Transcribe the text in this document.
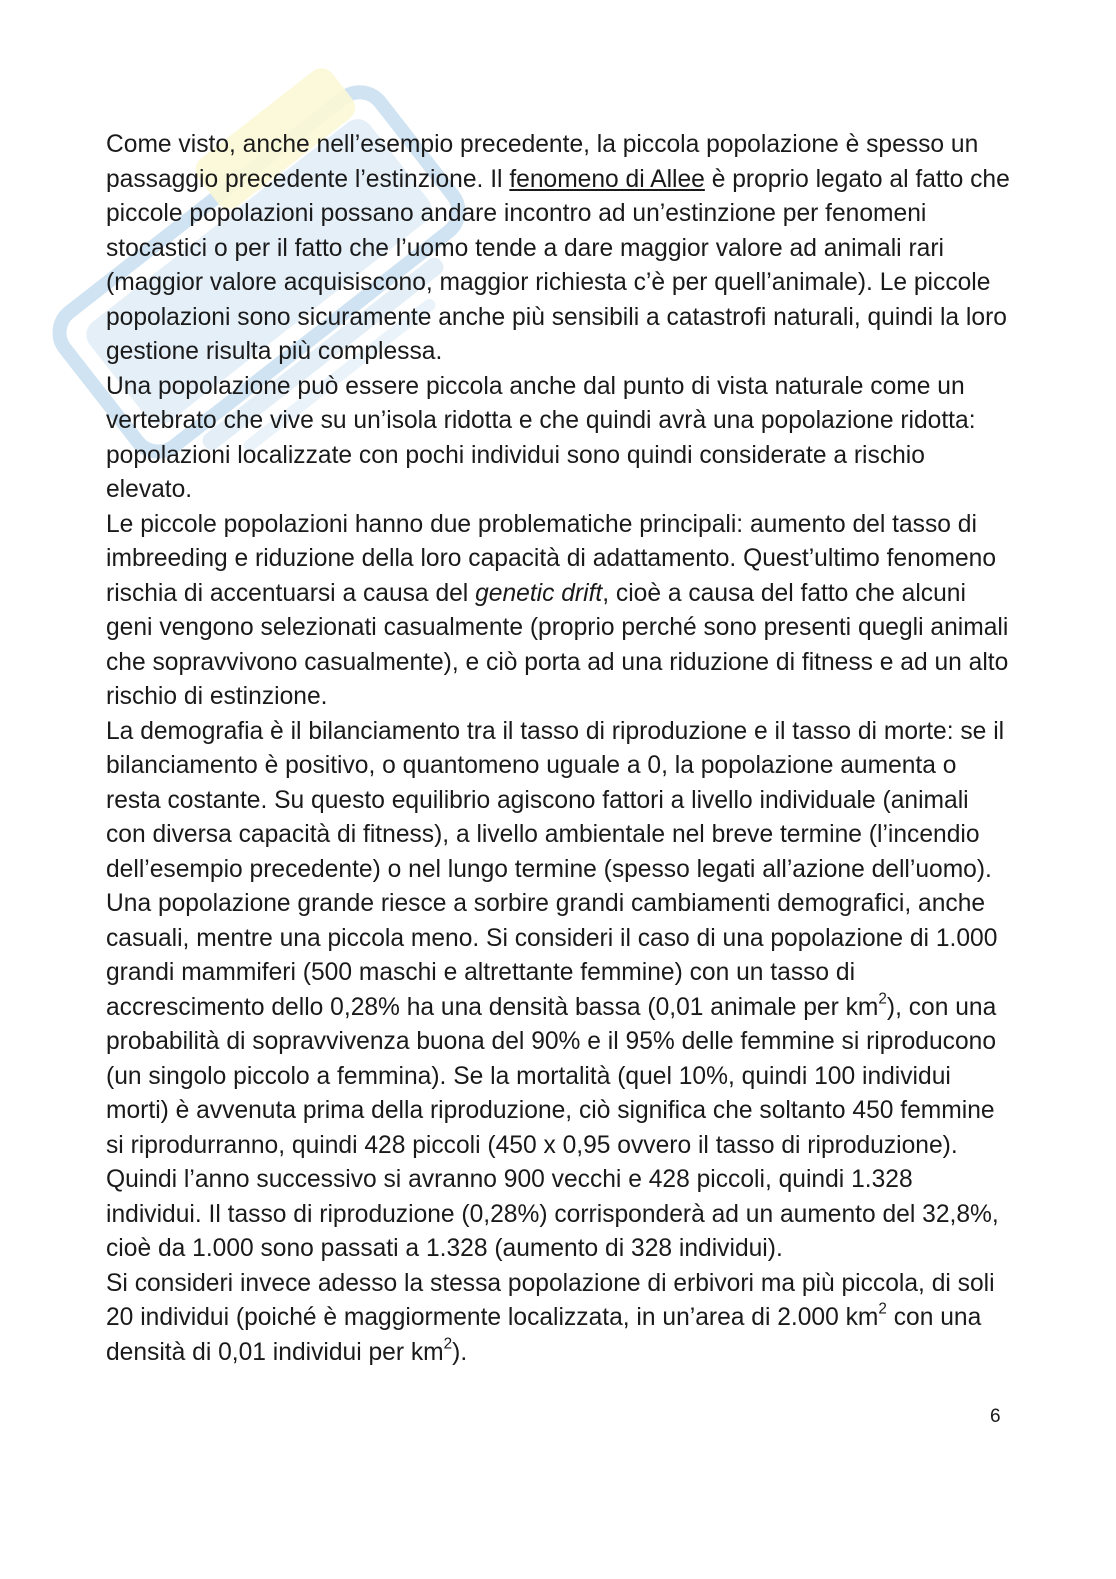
Come visto, anche nell’esempio precedente, la piccola popolazione è spesso un passaggio precedente l’estinzione. Il fenomeno di Allee è proprio legato al fatto che piccole popolazioni possano andare incontro ad un’estinzione per fenomeni stocastici o per il fatto che l’uomo tende a dare maggior valore ad animali rari (maggior valore acquisiscono, maggior richiesta c’è per quell’animale). Le piccole popolazioni sono sicuramente anche più sensibili a catastrofi naturali, quindi la loro gestione risulta più complessa.

Una popolazione può essere piccola anche dal punto di vista naturale come un vertebrato che vive su un’isola ridotta e che quindi avrà una popolazione ridotta: popolazioni localizzate con pochi individui sono quindi considerate a rischio elevato.

Le piccole popolazioni hanno due problematiche principali: aumento del tasso di imbreeding e riduzione della loro capacità di adattamento. Quest’ultimo fenomeno rischia di accentuarsi a causa del genetic drift, cioè a causa del fatto che alcuni geni vengono selezionati casualmente (proprio perché sono presenti quegli animali che sopravvivono casualmente), e ciò porta ad una riduzione di fitness e ad un alto rischio di estinzione.

La demografia è il bilanciamento tra il tasso di riproduzione e il tasso di morte: se il bilanciamento è positivo, o quantomeno uguale a 0, la popolazione aumenta o resta costante. Su questo equilibrio agiscono fattori a livello individuale (animali con diversa capacità di fitness), a livello ambientale nel breve termine (l’incendio dell’esempio precedente) o nel lungo termine (spesso legati all’azione dell’uomo). Una popolazione grande riesce a sorbire grandi cambiamenti demografici, anche casuali, mentre una piccola meno. Si consideri il caso di una popolazione di 1.000 grandi mammiferi (500 maschi e altrettante femmine) con un tasso di accrescimento dello 0,28% ha una densità bassa (0,01 animale per $km^2$), con una probabilità di sopravvivenza buona del 90% e il 95% delle femmine si riproducono (un singolo piccolo a femmina). Se la mortalità (quel 10%, quindi 100 individui morti) è avvenuta prima della riproduzione, ciò significa che soltanto 450 femmine si riprodurranno, quindi 428 piccoli (450 x 0,95 ovvero il tasso di riproduzione). Quindi l’anno successivo si avranno 900 vecchi e 428 piccoli, quindi 1.328 individui. Il tasso di riproduzione (0,28%) corrisponderà ad un aumento del 32,8%, cioè da 1.000 sono passati a 1.328 (aumento di 328 individui).

Si consideri invece adesso la stessa popolazione di erbivori ma più piccola, di soli 20 individui (poiché è maggiormente localizzata, in un’area di 2.000 $km^2$ con una densità di 0,01 individui per $km^2$).

6
